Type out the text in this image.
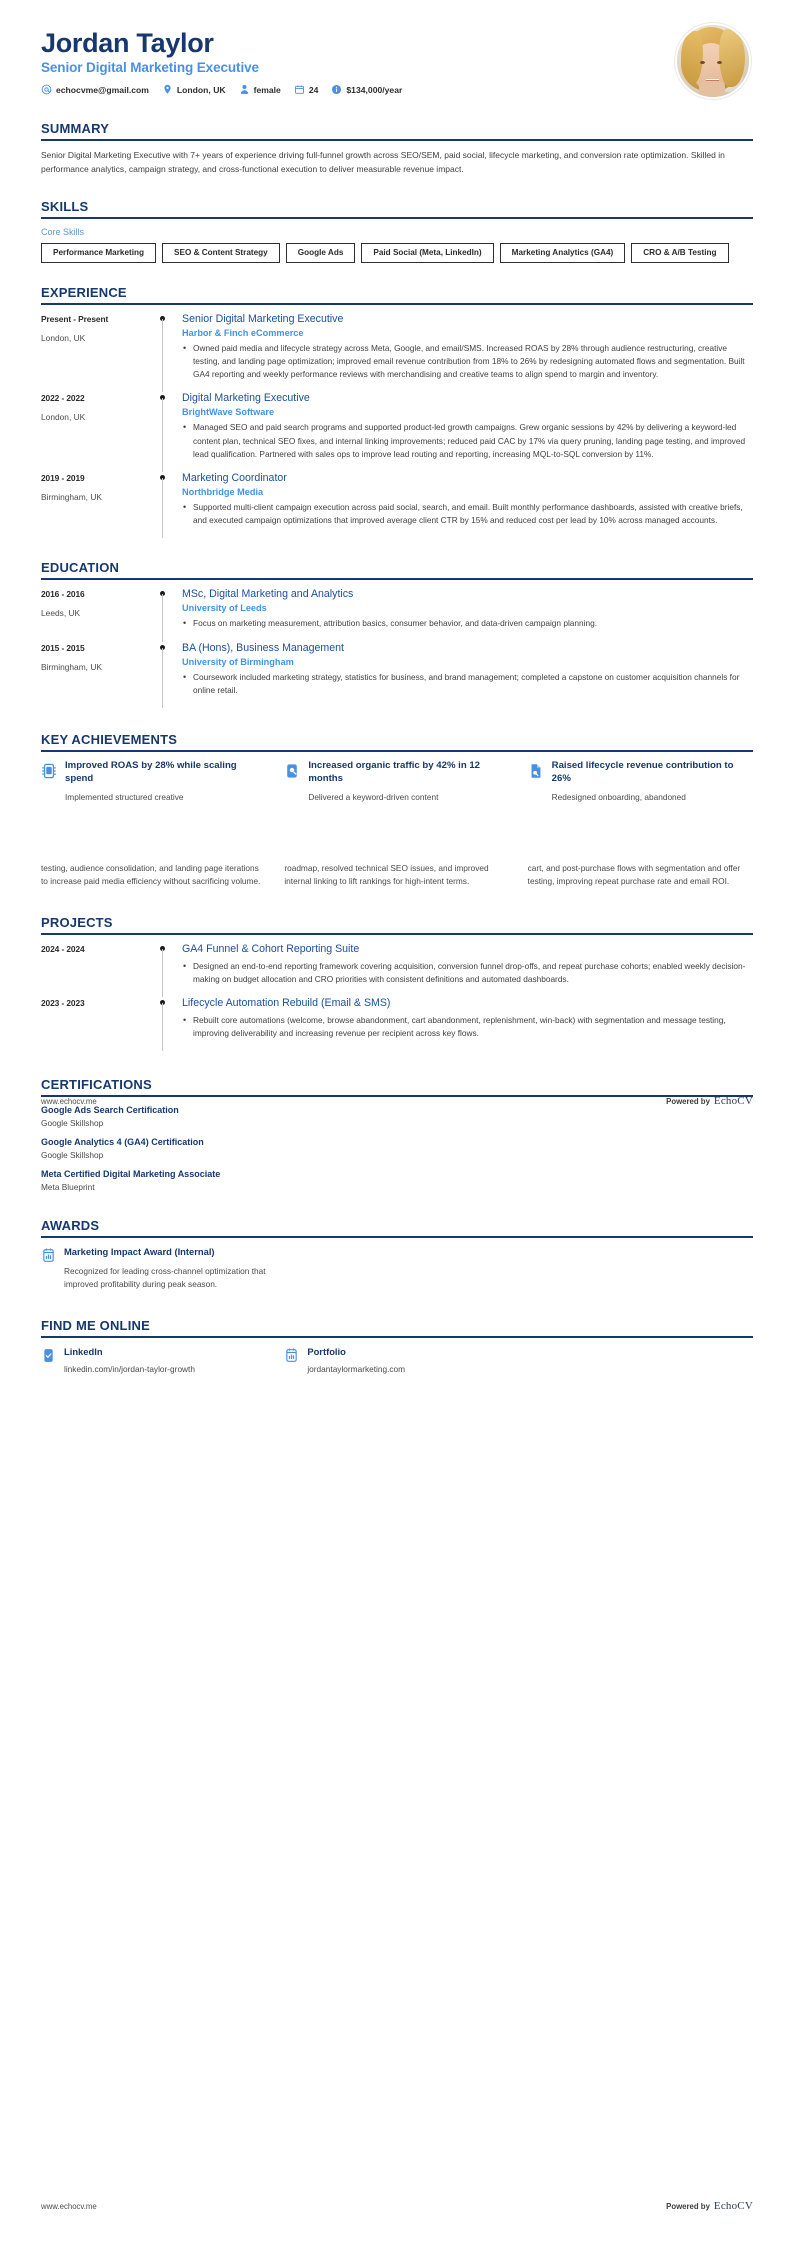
Jordan Taylor
Senior Digital Marketing Executive
echocvme@gmail.com	London, UK	female	24	$134,000/year
SUMMARY
Senior Digital Marketing Executive with 7+ years of experience driving full-funnel growth across SEO/SEM, paid social, lifecycle marketing, and conversion rate optimization. Skilled in performance analytics, campaign strategy, and cross-functional execution to deliver measurable revenue impact.
SKILLS
Core Skills
Performance Marketing	SEO & Content Strategy	Google Ads	Paid Social (Meta, LinkedIn)	Marketing Analytics (GA4)	CRO & A/B Testing
EXPERIENCE
Present - Present
London, UK
Senior Digital Marketing Executive
Harbor & Finch eCommerce
• Owned paid media and lifecycle strategy across Meta, Google, and email/SMS. Increased ROAS by 28% through audience restructuring, creative testing, and landing page optimization; improved email revenue contribution from 18% to 26% by redesigning automated flows and segmentation. Built GA4 reporting and weekly performance reviews with merchandising and creative teams to align spend to margin and inventory.
2022 - 2022
London, UK
Digital Marketing Executive
BrightWave Software
• Managed SEO and paid search programs and supported product-led growth campaigns. Grew organic sessions by 42% by delivering a keyword-led content plan, technical SEO fixes, and internal linking improvements; reduced paid CAC by 17% via query pruning, landing page testing, and improved lead qualification. Partnered with sales ops to improve lead routing and reporting, increasing MQL-to-SQL conversion by 11%.
2019 - 2019
Birmingham, UK
Marketing Coordinator
Northbridge Media
• Supported multi-client campaign execution across paid social, search, and email. Built monthly performance dashboards, assisted with creative briefs, and executed campaign optimizations that improved average client CTR by 15% and reduced cost per lead by 10% across managed accounts.
EDUCATION
2016 - 2016
Leeds, UK
MSc, Digital Marketing and Analytics
University of Leeds
• Focus on marketing measurement, attribution basics, consumer behavior, and data-driven campaign planning.
2015 - 2015
Birmingham, UK
BA (Hons), Business Management
University of Birmingham
• Coursework included marketing strategy, statistics for business, and brand management; completed a capstone on customer acquisition channels for online retail.
KEY ACHIEVEMENTS
Improved ROAS by 28% while scaling spend
Implemented structured creative
Increased organic traffic by 42% in 12 months
Delivered a keyword-driven content
Raised lifecycle revenue contribution to 26%
Redesigned onboarding, abandoned
www.echocv.me	Powered by EchoCV
testing, audience consolidation, and landing page iterations to increase paid media efficiency without sacrificing volume.
roadmap, resolved technical SEO issues, and improved internal linking to lift rankings for high-intent terms.
cart, and post-purchase flows with segmentation and offer testing, improving repeat purchase rate and email ROI.
PROJECTS
2024 - 2024	GA4 Funnel & Cohort Reporting Suite
• Designed an end-to-end reporting framework covering acquisition, conversion funnel drop-offs, and repeat purchase cohorts; enabled weekly decision-making on budget allocation and CRO priorities with consistent definitions and automated dashboards.
2023 - 2023	Lifecycle Automation Rebuild (Email & SMS)
• Rebuilt core automations (welcome, browse abandonment, cart abandonment, replenishment, win-back) with segmentation and message testing, improving deliverability and increasing revenue per recipient across key flows.
CERTIFICATIONS
Google Ads Search Certification
Google Skillshop
Google Analytics 4 (GA4) Certification
Google Skillshop
Meta Certified Digital Marketing Associate
Meta Blueprint
AWARDS
Marketing Impact Award (Internal)
Recognized for leading cross-channel optimization that improved profitability during peak season.
FIND ME ONLINE
LinkedIn
linkedin.com/in/jordan-taylor-growth
Portfolio
jordantaylormarketing.com
www.echocv.me	Powered by EchoCV
